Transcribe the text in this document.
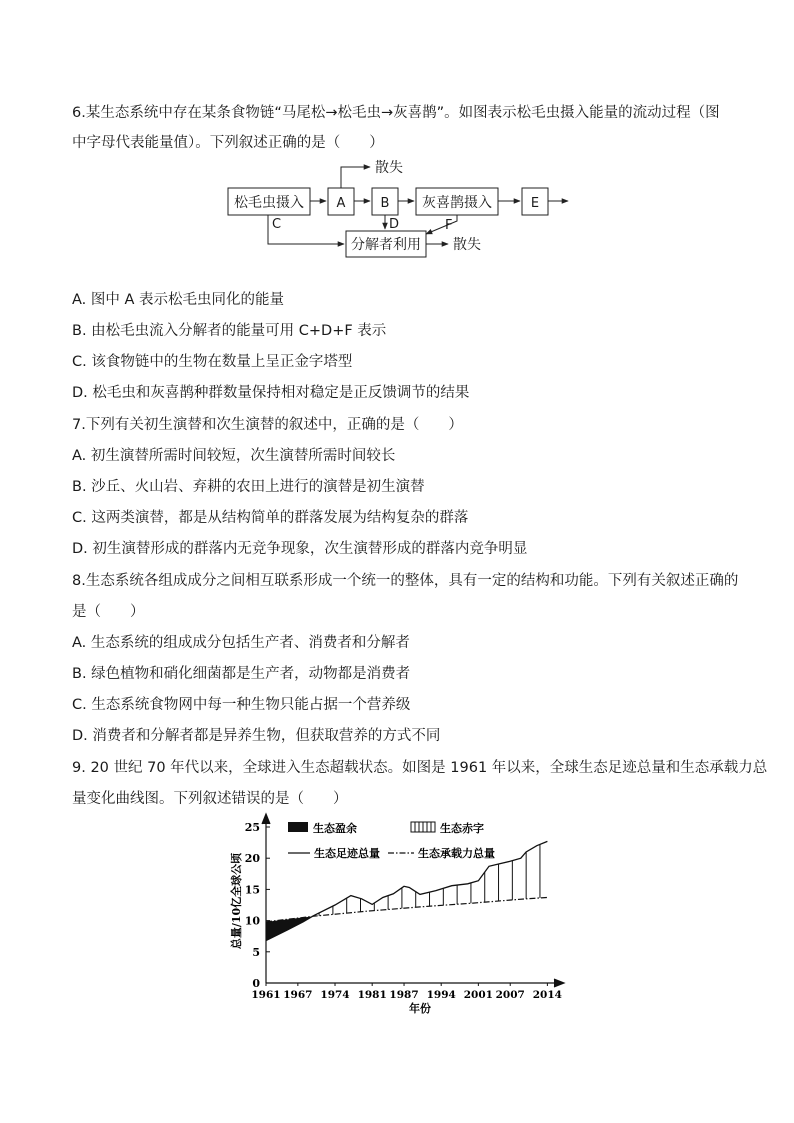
6.某生态系统中存在某条食物链“马尾松→松毛虫→灰喜鹊”。如图表示松毛虫摄入能量的流动过程（图
中字母代表能量值）。下列叙述正确的是（　　）
松毛虫摄入	A	B 灰喜鹊摄入	E
分解者利用
散失
散失
C	D	F
A. 图中 A 表示松毛虫同化的能量
B. 由松毛虫流入分解者的能量可用 C+D+F 表示
C. 该食物链中的生物在数量上呈正金字塔型
D. 松毛虫和灰喜鹊种群数量保持相对稳定是正反馈调节的结果
7.下列有关初生演替和次生演替的叙述中，正确的是（　　）
A. 初生演替所需时间较短，次生演替所需时间较长
B. 沙丘、火山岩、弃耕的农田上进行的演替是初生演替
C. 这两类演替，都是从结构简单的群落发展为结构复杂的群落
D. 初生演替形成的群落内无竞争现象，次生演替形成的群落内竞争明显
8.生态系统各组成成分之间相互联系形成一个统一的整体，具有一定的结构和功能。下列有关叙述正确的
是（　　）
A. 生态系统的组成成分包括生产者、消费者和分解者
B. 绿色植物和硝化细菌都是生产者，动物都是消费者
C. 生态系统食物网中每一种生物只能占据一个营养级
D. 消费者和分解者都是异养生物，但获取营养的方式不同
9. 20 世纪 70 年代以来，全球进入生态超载状态。如图是 1961 年以来，全球生态足迹总量和生态承载力总
量变化曲线图。下列叙述错误的是（　　）
0
5
10
15
20
25
1961 1967 1974 1981 1987 1994 2001 2007 2014
生态盈余	生态赤字
生态足迹总量	生态承载力总量
总量/10亿全球公顷
年份
